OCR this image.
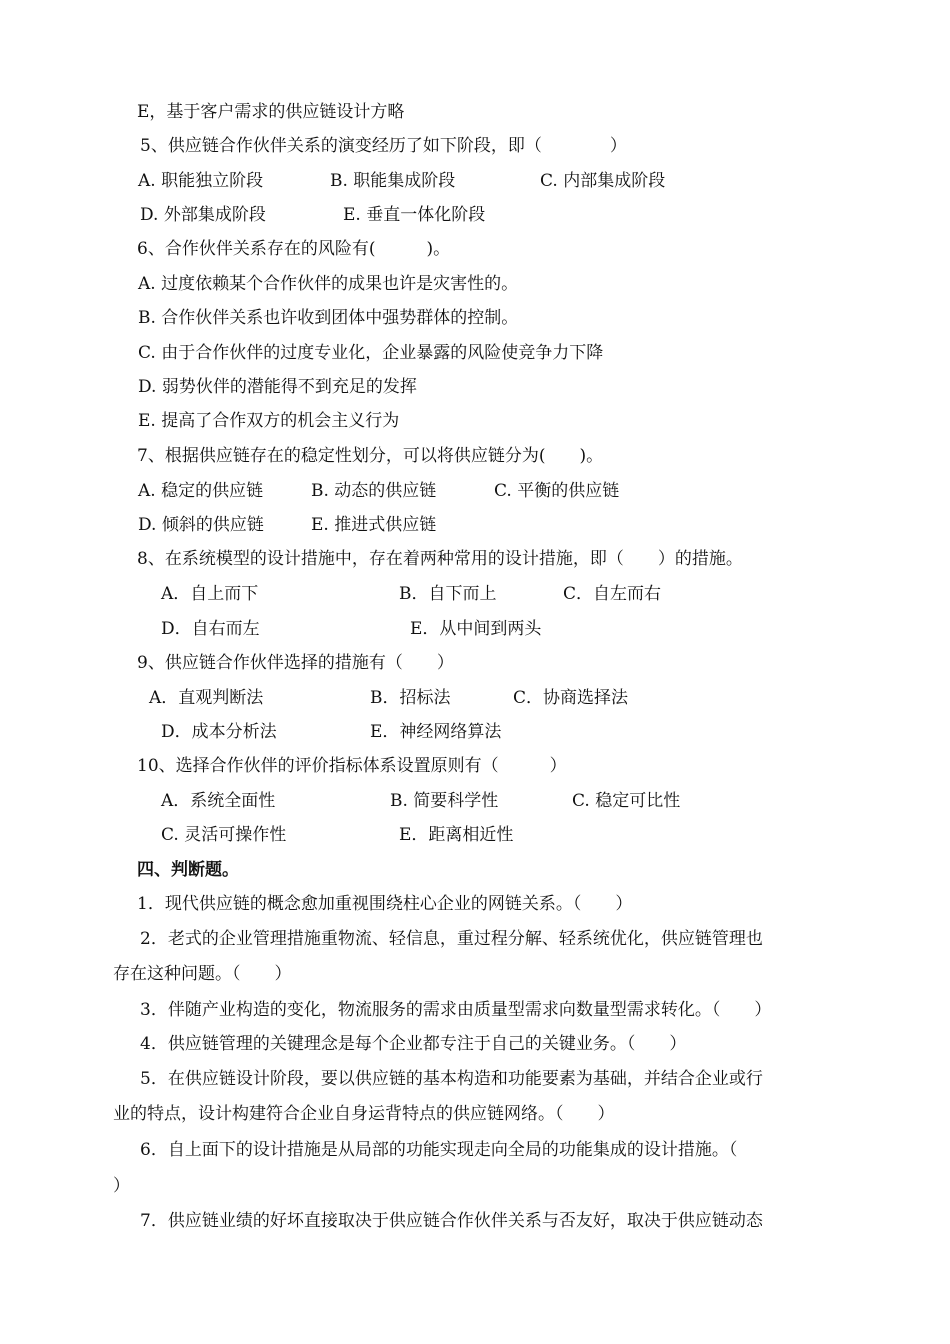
E，基于客户需求的供应链设计方略
5、供应链合作伙伴关系的演变经历了如下阶段，即（　　　　）
A. 职能独立阶段	B. 职能集成阶段	C. 内部集成阶段
D. 外部集成阶段	E. 垂直一体化阶段
6、合作伙伴关系存在的风险有(　　　)。
A. 过度依赖某个合作伙伴的成果也许是灾害性的。
B. 合作伙伴关系也许收到团体中强势群体的控制。
C. 由于合作伙伴的过度专业化，企业暴露的风险使竞争力下降
D. 弱势伙伴的潜能得不到充足的发挥
E. 提高了合作双方的机会主义行为
7、根据供应链存在的稳定性划分，可以将供应链分为(　　)。
A. 稳定的供应链	B. 动态的供应链	C. 平衡的供应链
D. 倾斜的供应链	E. 推进式供应链
8、在系统模型的设计措施中，存在着两种常用的设计措施，即（　　）的措施。
A．自上而下	B．自下而上	C．自左而右
D．自右而左	E．从中间到两头
9、供应链合作伙伴选择的措施有（　　）
A．直观判断法	B．招标法	C．协商选择法
D．成本分析法	E．神经网络算法
10、选择合作伙伴的评价指标体系设置原则有（　　　）
A．系统全面性	B. 简要科学性	C. 稳定可比性
C. 灵活可操作性	E．距离相近性
四、判断题。
1．现代供应链的概念愈加重视围绕柱心企业的网链关系。（　　）
2．老式的企业管理措施重物流、轻信息，重过程分解、轻系统优化，供应链管理也
存在这种问题。（　　）
3．伴随产业构造的变化，物流服务的需求由质量型需求向数量型需求转化。（　　）
4．供应链管理的关键理念是每个企业都专注于自己的关键业务。（　　）
5．在供应链设计阶段，要以供应链的基本构造和功能要素为基础，并结合企业或行
业的特点，设计构建符合企业自身运背特点的供应链网络。（　　）
6．自上面下的设计措施是从局部的功能实现走向全局的功能集成的设计措施。（
）
7．供应链业绩的好坏直接取决于供应链合作伙伴关系与否友好，取决于供应链动态
